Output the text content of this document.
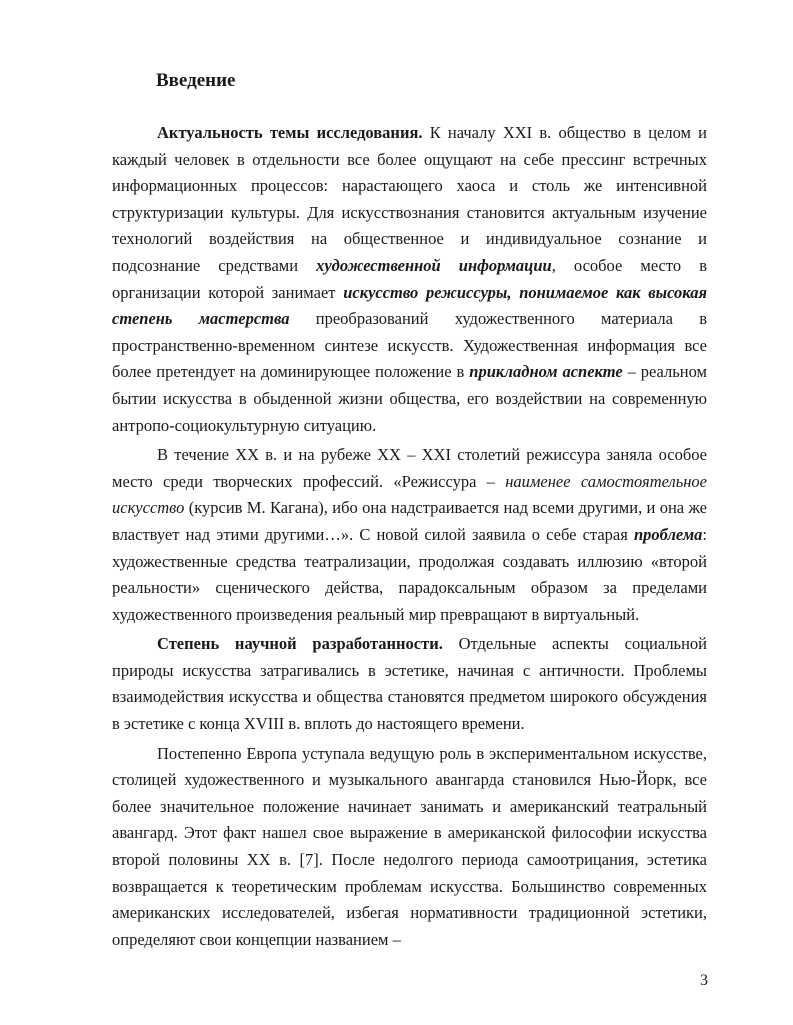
Введение

Актуальность темы исследования. К началу XXI в. общество в целом и каждый человек в отдельности все более ощущают на себе прессинг встречных информационных процессов: нарастающего хаоса и столь же интенсивной структуризации культуры. Для искусствознания становится актуальным изучение технологий воздействия на общественное и индивидуальное сознание и подсознание средствами художественной информации, особое место в организации которой занимает искусство режиссуры, понимаемое как высокая степень мастерства преобразований художественного материала в пространственно-временном синтезе искусств. Художественная информация все более претендует на доминирующее положение в прикладном аспекте – реальном бытии искусства в обыденной жизни общества, его воздействии на современную антропо-социокультурную ситуацию.

В течение XX в. и на рубеже XX – XXI столетий режиссура заняла особое место среди творческих профессий. «Режиссура – наименее самостоятельное искусство (курсив М. Кагана), ибо она надстраивается над всеми другими, и она же властвует над этими другими…». С новой силой заявила о себе старая проблема: художественные средства театрализации, продолжая создавать иллюзию «второй реальности» сценического действа, парадоксальным образом за пределами художественного произведения реальный мир превращают в виртуальный.

Степень научной разработанности. Отдельные аспекты социальной природы искусства затрагивались в эстетике, начиная с античности. Проблемы взаимодействия искусства и общества становятся предметом широкого обсуждения в эстетике с конца XVIII в. вплоть до настоящего времени.

Постепенно Европа уступала ведущую роль в экспериментальном искусстве, столицей художественного и музыкального авангарда становился Нью-Йорк, все более значительное положение начинает занимать и американский театральный авангард. Этот факт нашел свое выражение в американской философии искусства второй половины XX в. [7]. После недолгого периода самоотрицания, эстетика возвращается к теоретическим проблемам искусства. Большинство современных американских исследователей, избегая нормативности традиционной эстетики, определяют свои концепции названием –

3
